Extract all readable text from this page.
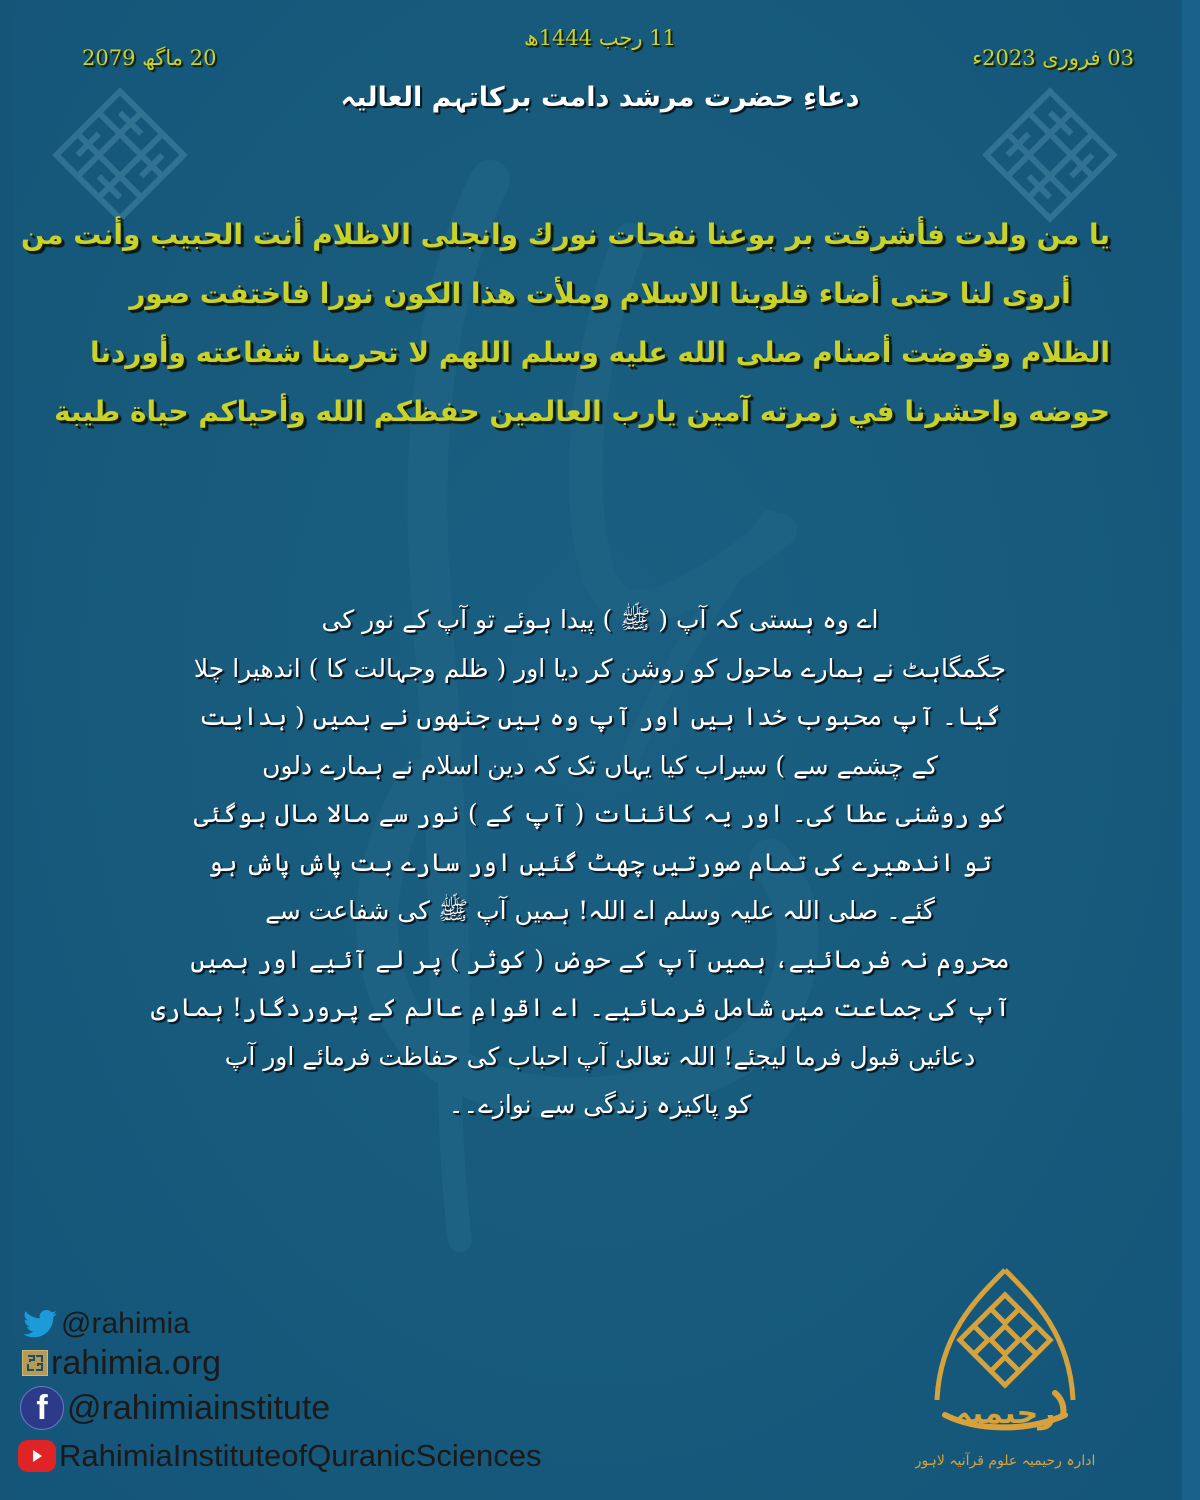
11 رجب 1444ھ
03 فروری 2023ء
20 ماگھ 2079
دعاءِ حضرت مرشد دامت برکاتہم العالیہ
يا من ولدت فأشرقت بر بوعنا نفحات نورك وانجلى الاظلام أنت الحبيب وأنت من
أروى لنا حتى أضاء قلوبنا الاسلام وملأت هذا الكون نورا فاختفت صور
الظلام وقوضت أصنام صلى الله عليه وسلم اللهم لا تحرمنا شفاعته وأوردنا
حوضه واحشرنا في زمرته آمين يارب العالمين حفظكم الله وأحياكم حياة طيبة
اے وہ ہستی کہ آپ ( ﷺ ) پیدا ہوئے تو آپ کے نور کی
جگمگاہٹ نے ہمارے ماحول کو روشن کر دیا اور ( ظلم وجہالت کا ) اندھیرا چلا
گیا۔ آپ محبوب خدا ہیں اور آپ وہ ہیں جنھوں نے ہمیں ( ہدایت
کے چشمے سے ) سیراب کیا یہاں تک کہ دین اسلام نے ہمارے دلوں
کو روشنی عطا کی۔ اور یہ کائنات ( آپ کے ) نور سے مالا مال ہوگئی
تو اندھیرے کی تمام صورتیں چھٹ گئیں اور سارے بت پاش پاش ہو
گئے۔ صلی اللہ علیہ وسلم اے اللہ! ہمیں آپ ﷺ کی شفاعت سے
محروم نہ فرمائیے، ہمیں آپ کے حوض ( کوثر ) پر لے آئیے اور ہمیں
آپ کی جماعت میں شامل فرمائیے۔ اے اقوامِ عالم کے پروردگار! ہماری
دعائیں قبول فرما لیجئے! اللہ تعالیٰ آپ احباب کی حفاظت فرمائے اور آپ
کو پاکیزہ زندگی سے نوازے۔۔
@rahimia
rahimia.org
f @rahimiainstitute
RahimiaInstituteofQuranicSciences
رحیمیہ
ادارہ رحیمیہ علوم قرآنیہ لاہور
